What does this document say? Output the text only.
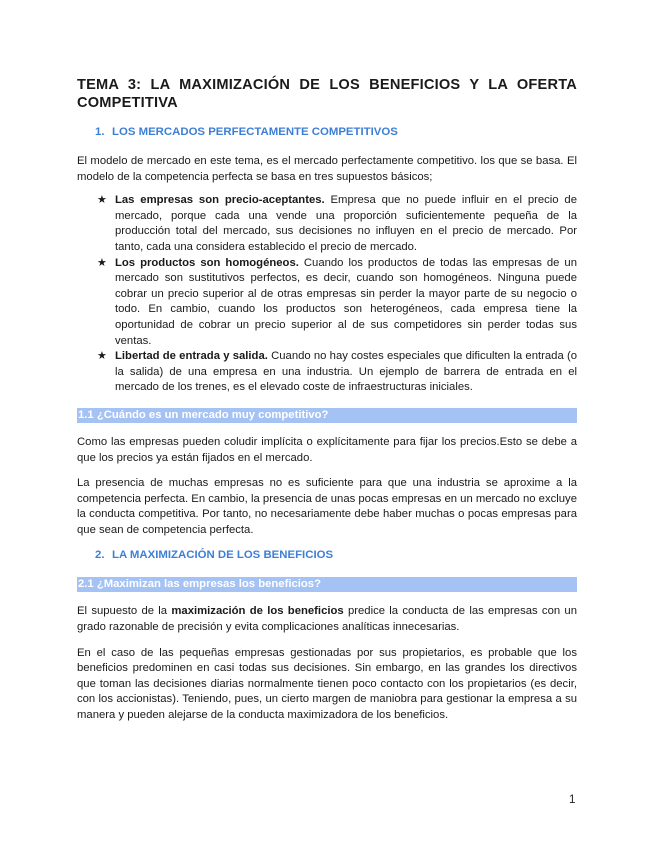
TEMA 3: LA MAXIMIZACIÓN DE LOS BENEFICIOS Y LA OFERTA COMPETITIVA
1. LOS MERCADOS PERFECTAMENTE COMPETITIVOS

El modelo de mercado en este tema, es el mercado perfectamente competitivo. los que se basa. El modelo de la competencia perfecta se basa en tres supuestos básicos;

★ Las empresas son precio-aceptantes. Empresa que no puede influir en el precio de mercado, porque cada una vende una proporción suficientemente pequeña de la producción total del mercado, sus decisiones no influyen en el precio de mercado. Por tanto, cada una considera establecido el precio de mercado.
★ Los productos son homogéneos. Cuando los productos de todas las empresas de un mercado son sustitutivos perfectos, es decir, cuando son homogéneos. Ninguna puede cobrar un precio superior al de otras empresas sin perder la mayor parte de su negocio o todo. En cambio, cuando los productos son heterogéneos, cada empresa tiene la oportunidad de cobrar un precio superior al de sus competidores sin perder todas sus ventas.
★ Libertad de entrada y salida. Cuando no hay costes especiales que dificulten la entrada (o la salida) de una empresa en una industria. Un ejemplo de barrera de entrada en el mercado de los trenes, es el elevado coste de infraestructuras iniciales.
1.1 ¿Cuándo es un mercado muy competitivo?

Como las empresas pueden coludir implícita o explícitamente para fijar los precios.Esto se debe a que los precios ya están fijados en el mercado.

La presencia de muchas empresas no es suficiente para que una industria se aproxime a la competencia perfecta. En cambio, la presencia de unas pocas empresas en un mercado no excluye la conducta competitiva. Por tanto, no necesariamente debe haber muchas o pocas empresas para que sean de competencia perfecta.

2. LA MAXIMIZACIÓN DE LOS BENEFICIOS
2.1 ¿Maximizan las empresas los beneficios?

El supuesto de la maximización de los beneficios predice la conducta de las empresas con un grado razonable de precisión y evita complicaciones analíticas innecesarias.

En el caso de las pequeñas empresas gestionadas por sus propietarios, es probable que los beneficios predominen en casi todas sus decisiones. Sin embargo, en las grandes los directivos que toman las decisiones diarias normalmente tienen poco contacto con los propietarios (es decir, con los accionistas). Teniendo, pues, un cierto margen de maniobra para gestionar la empresa a su manera y pueden alejarse de la conducta maximizadora de los beneficios.

1
